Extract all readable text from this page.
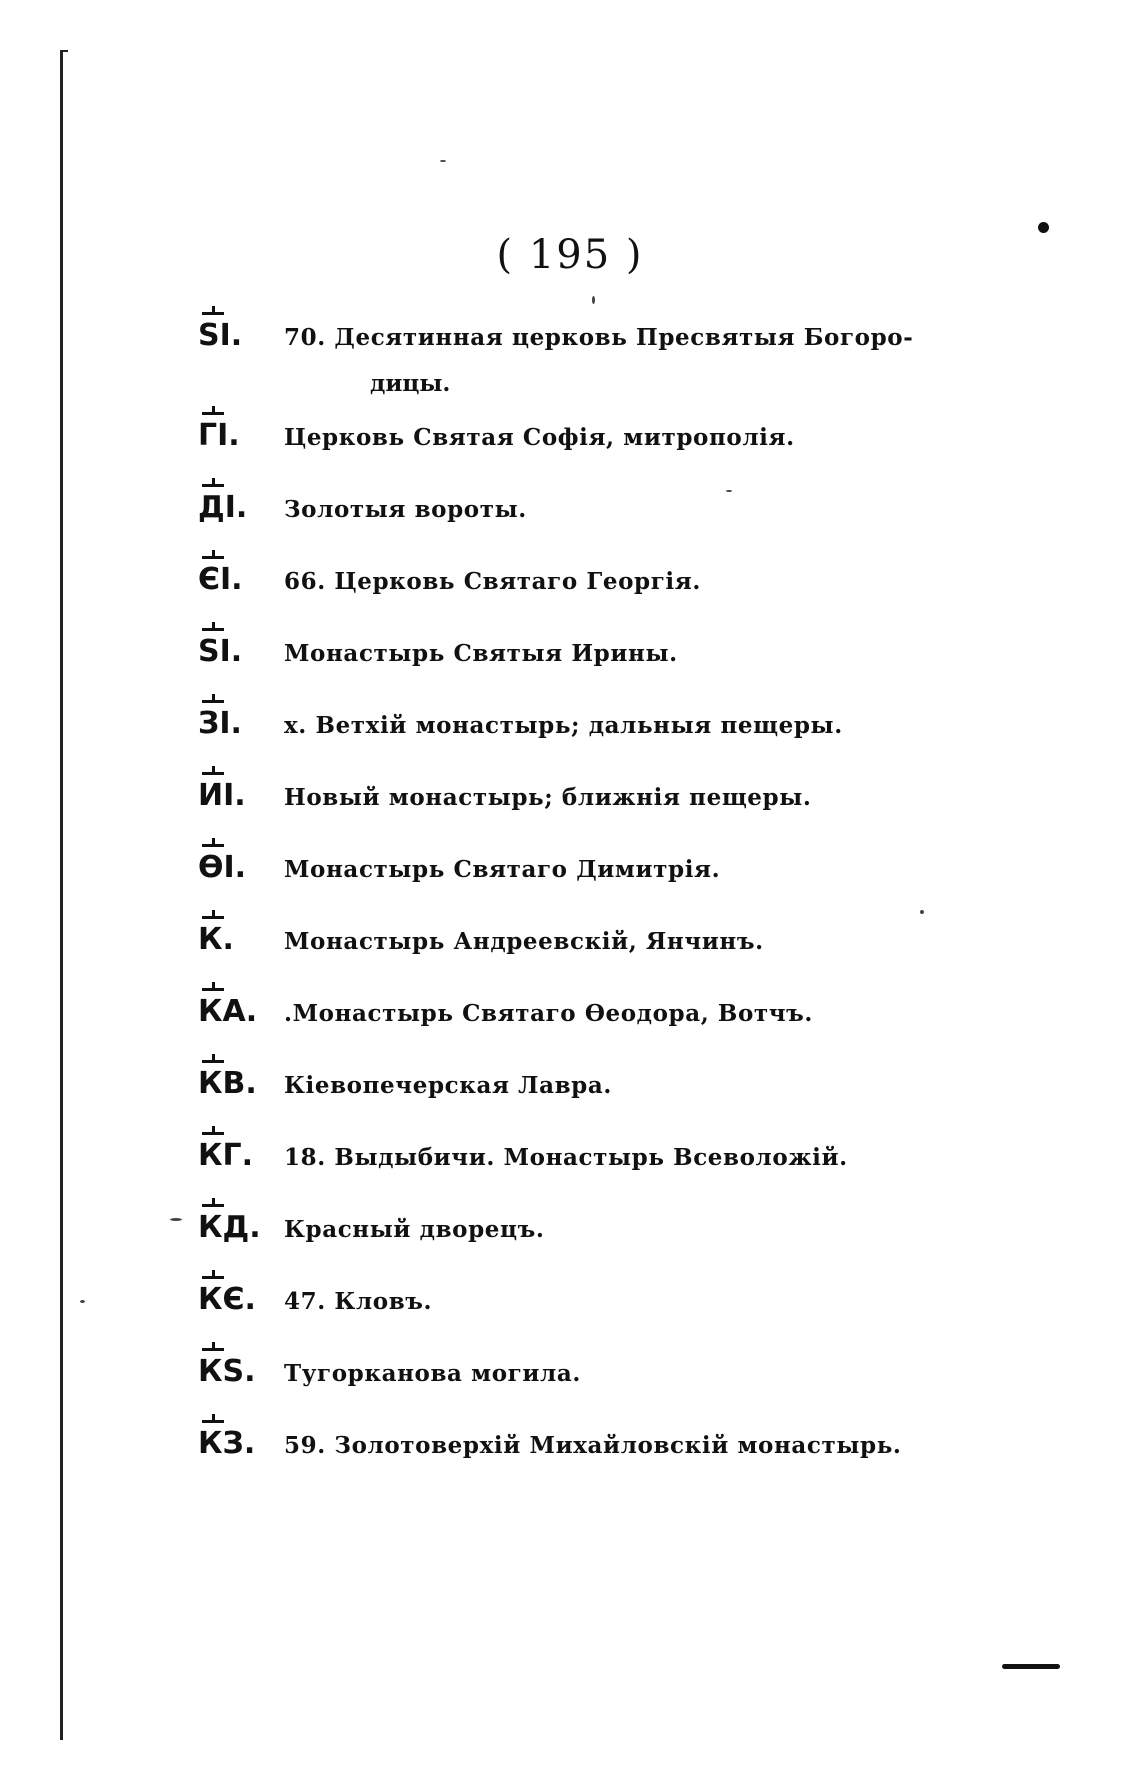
( 195 )
ЅІ.	70. Десятинная церковь Пресвятыя Богоро-
дицы.
ГІ.	Церковь Святая Софія, митрополія.
ДІ.	Золотыя вороты.
ЄІ.	66. Церковь Святаго Георгія.
ЅІ.	Монастырь Святыя Ирины.
ЗІ.	x. Ветхій монастырь; дальныя пещеры.
ИІ.	Новый монастырь; ближнія пещеры.
ѲІ.	Монастырь Святаго Димитрія.
К.	Монастырь Андреевскій, Янчинъ.
КА.	.Монастырь Святаго Ѳеодора, Вотчъ.
КВ.	Кіевопечерская Лавра.
КГ.	18. Выдыбичи. Монастырь Всеволожій.
КД.	Красный дворецъ.
КЄ.	47. Кловъ.
КЅ.	Тугорканова могила.
КЗ.	59. Золотоверхій Михайловскій монастырь.
